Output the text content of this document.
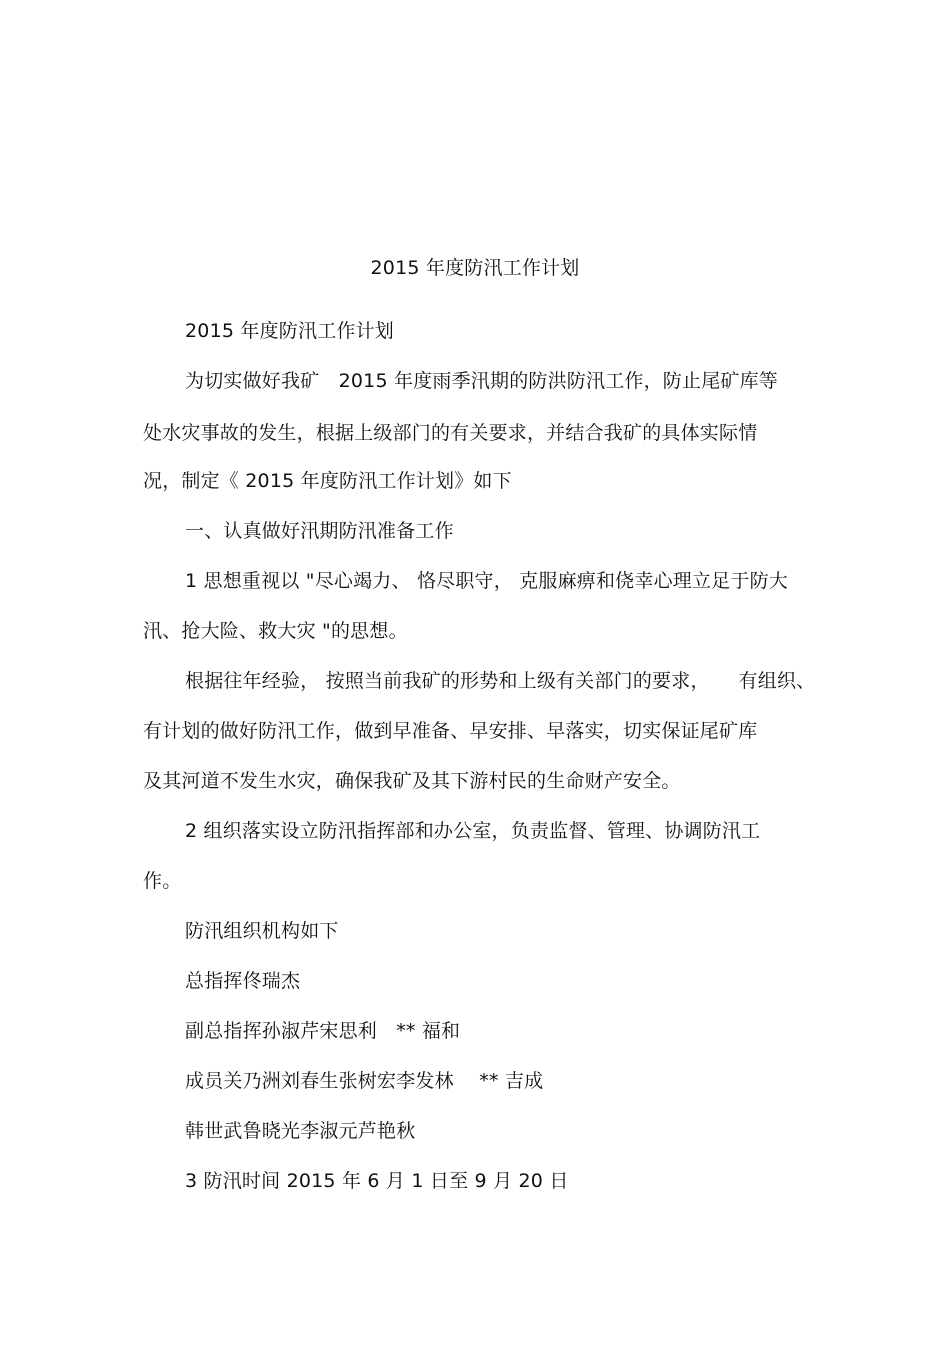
2015 年度防汛工作计划
2015 年度防汛工作计划
为切实做好我矿　2015 年度雨季汛期的防洪防汛工作，防止尾矿库等
处水灾事故的发生，根据上级部门的有关要求，并结合我矿的具体实际情
况，制定《 2015 年度防汛工作计划》如下
一、认真做好汛期防汛准备工作
1 思想重视以 "尽心竭力、 恪尽职守， 克服麻痹和侥幸心理立足于防大
汛、抢大险、救大灾 "的思想。
根据往年经验， 按照当前我矿的形势和上级有关部门的要求，　　有组织、
有计划的做好防汛工作，做到早准备、早安排、早落实，切实保证尾矿库
及其河道不发生水灾，确保我矿及其下游村民的生命财产安全。
2 组织落实设立防汛指挥部和办公室，负责监督、管理、协调防汛工
作。
防汛组织机构如下
总指挥佟瑞杰
副总指挥孙淑芹宋思利　** 福和
成员关乃洲刘春生张树宏李发林　 ** 吉成
韩世武鲁晓光李淑元芦艳秋
3 防汛时间 2015 年 6 月 1 日至 9 月 20 日
